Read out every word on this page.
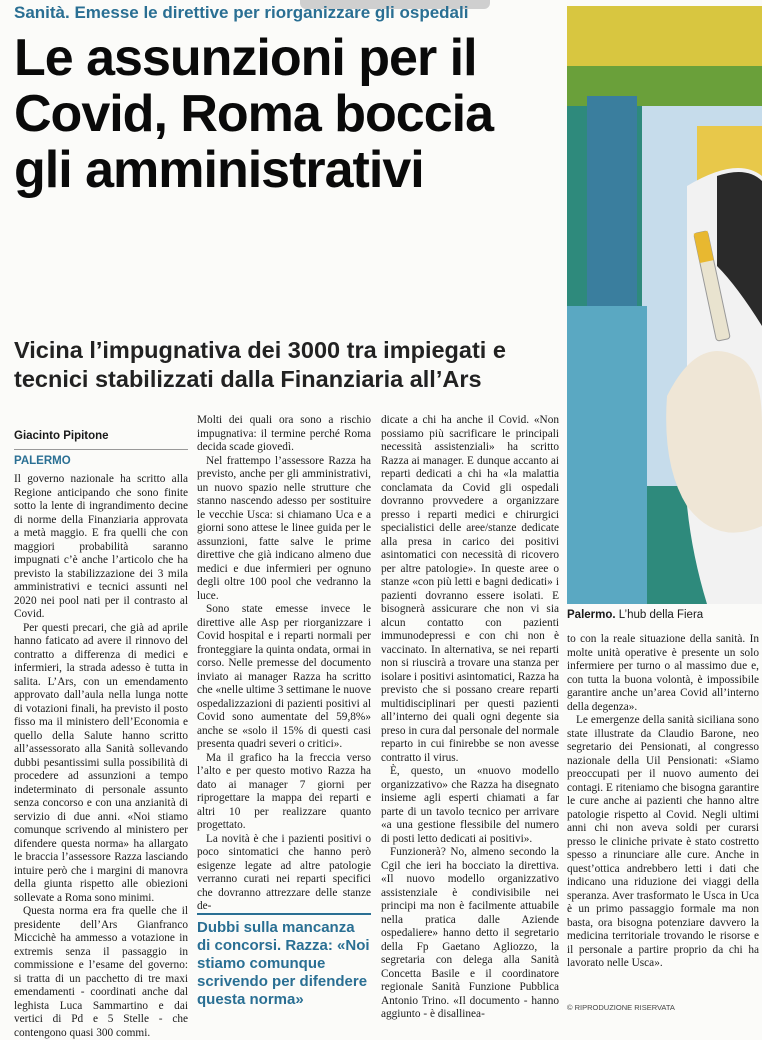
Sanità. Emesse le direttive per riorganizzare gli ospedali
Le assunzioni per il Covid, Roma boccia gli amministrativi
Vicina l’impugnativa dei 3000 tra impiegati e tecnici stabilizzati dalla Finanziaria all’Ars
Palermo. L’hub della Fiera
Giacinto Pipitone
PALERMO

Il governo nazionale ha scritto alla Regione anticipando che sono finite sotto la lente di ingrandimento decine di norme della Finanziaria approvata a metà maggio. E fra quelli che con maggiori probabilità saranno impugnati c’è anche l’articolo che ha previsto la stabilizzazione dei 3 mila amministrativi e tecnici assunti nel 2020 nei pool nati per il contrasto al Covid.

Per questi precari, che già ad aprile hanno faticato ad avere il rinnovo del contratto a differenza di medici e infermieri, la strada adesso è tutta in salita. L’Ars, con un emendamento approvato dall’aula nella lunga notte di votazioni finali, ha previsto il posto fisso ma il ministero dell’Economia e quello della Salute hanno scritto all’assessorato alla Sanità sollevando dubbi pesantissimi sulla possibilità di procedere ad assunzioni a tempo indeterminato di personale assunto senza concorso e con una anzianità di servizio di due anni. «Noi stiamo comunque scrivendo al ministero per difendere questa norma» ha allargato le braccia l’assessore Razza lasciando intuire però che i margini di manovra della giunta rispetto alle obiezioni sollevate a Roma sono minimi.

Questa norma era fra quelle che il presidente dell’Ars Gianfranco Miccichè ha ammesso a votazione in extremis senza il passaggio in commissione e l’esame del governo: si tratta di un pacchetto di tre maxi emendamenti - coordinati anche dal leghista Luca Sammartino e dai vertici di Pd e 5 Stelle - che contengono quasi 300 commi.

Molti dei quali ora sono a rischio impugnativa: il termine perché Roma decida scade giovedì.

Nel frattempo l’assessore Razza ha previsto, anche per gli amministrativi, un nuovo spazio nelle strutture che stanno nascendo adesso per sostituire le vecchie Usca: si chiamano Uca e a giorni sono attese le linee guida per le assunzioni, fatte salve le prime direttive che già indicano almeno due medici e due infermieri per ognuno degli oltre 100 pool che vedranno la luce.

Sono state emesse invece le direttive alle Asp per riorganizzare i Covid hospital e i reparti normali per fronteggiare la quinta ondata, ormai in corso. Nelle premesse del documento inviato ai manager Razza ha scritto che «nelle ultime 3 settimane le nuove ospedalizzazioni di pazienti positivi al Covid sono aumentate del 59,8%» anche se «solo il 15% di questi casi presenta quadri severi o critici».

Ma il grafico ha la freccia verso l’alto e per questo motivo Razza ha dato ai manager 7 giorni per riprogettare la mappa dei reparti e altri 10 per realizzare quanto progettato.

La novità è che i pazienti positivi o poco sintomatici che hanno però esigenze legate ad altre patologie verranno curati nei reparti specifici che dovranno attrezzare delle stanze de-

Dubbi sulla mancanza di concorsi. Razza: «Noi stiamo comunque scrivendo per difendere questa norma»

dicate a chi ha anche il Covid. «Non possiamo più sacrificare le principali necessità assistenziali» ha scritto Razza ai manager. E dunque accanto ai reparti dedicati a chi ha «la malattia conclamata da Covid gli ospedali dovranno provvedere a organizzare presso i reparti medici e chirurgici specialistici delle aree/stanze dedicate alla presa in carico dei positivi asintomatici con necessità di ricovero per altre patologie». In queste aree o stanze «con più letti e bagni dedicati» i pazienti dovranno essere isolati. E bisognerà assicurare che non vi sia alcun contatto con pazienti immunodepressi e con chi non è vaccinato. In alternativa, se nei reparti non si riuscirà a trovare una stanza per isolare i positivi asintomatici, Razza ha previsto che si possano creare reparti multidisciplinari per questi pazienti all’interno dei quali ogni degente sia preso in cura dal personale del normale reparto in cui finirebbe se non avesse contratto il virus.

È, questo, un «nuovo modello organizzativo» che Razza ha disegnato insieme agli esperti chiamati a far parte di un tavolo tecnico per arrivare «a una gestione flessibile del numero di posti letto dedicati ai positivi».

Funzionerà? No, almeno secondo la Cgil che ieri ha bocciato la direttiva. «Il nuovo modello organizzativo assistenziale è condivisibile nei principi ma non è facilmente attuabile nella pratica dalle Aziende ospedaliere» hanno detto il segretario della Fp Gaetano Agliozzo, la segretaria con delega alla Sanità Concetta Basile e il coordinatore regionale Sanità Funzione Pubblica Antonio Trino. «Il documento - hanno aggiunto - è disallinea-

to con la reale situazione della sanità. In molte unità operative è presente un solo infermiere per turno o al massimo due e, con tutta la buona volontà, è impossibile garantire anche un’area Covid all’interno della degenza».

Le emergenze della sanità siciliana sono state illustrate da Claudio Barone, neo segretario dei Pensionati, al congresso nazionale della Uil Pensionati: «Siamo preoccupati per il nuovo aumento dei contagi. E riteniamo che bisogna garantire le cure anche ai pazienti che hanno altre patologie rispetto al Covid. Negli ultimi anni chi non aveva soldi per curarsi presso le cliniche private è stato costretto spesso a rinunciare alle cure. Anche in quest’ottica andrebbero letti i dati che indicano una riduzione dei viaggi della speranza. Aver trasformato le Usca in Uca è un primo passaggio formale ma non basta, ora bisogna potenziare davvero la medicina territoriale trovando le risorse e il personale a partire proprio da chi ha lavorato nelle Usca».

© RIPRODUZIONE RISERVATA
